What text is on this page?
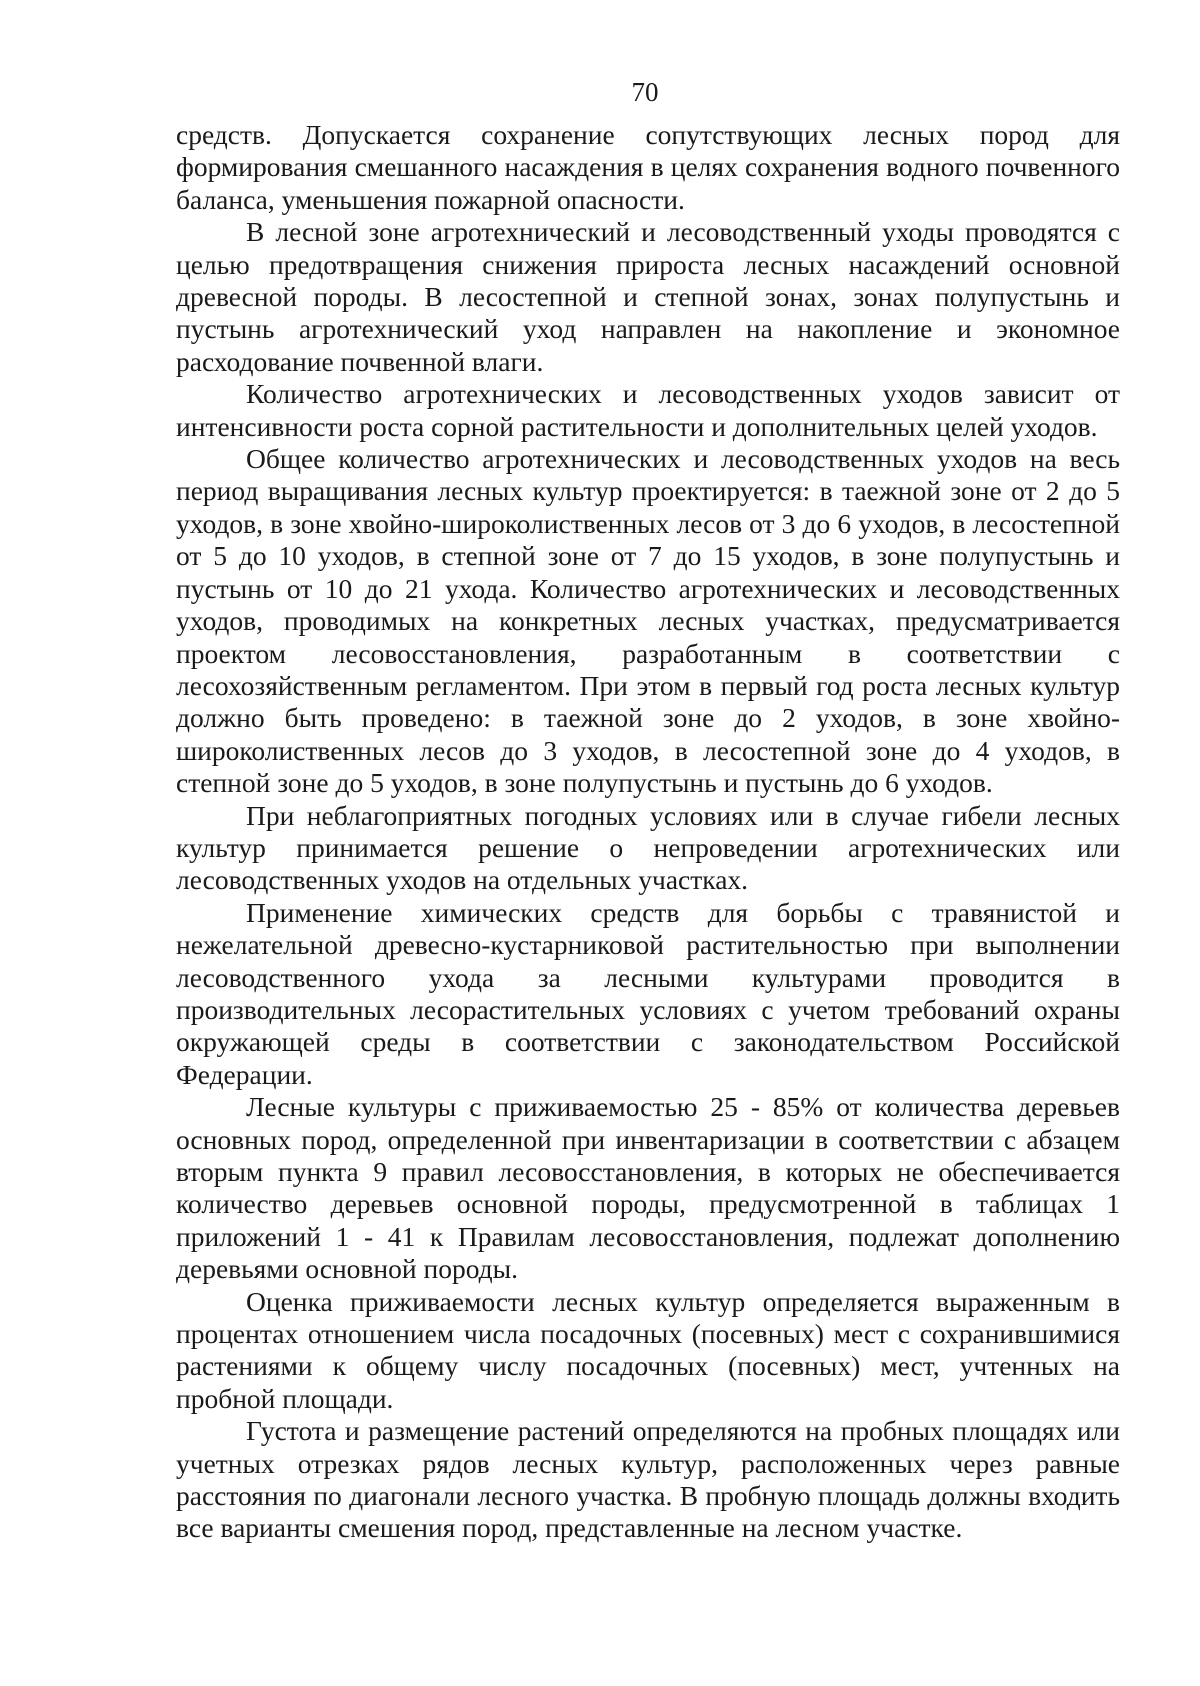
70

средств. Допускается сохранение сопутствующих лесных пород для формирования смешанного насаждения в целях сохранения водного почвенного баланса, уменьшения пожарной опасности.

В лесной зоне агротехнический и лесоводственный уходы проводятся с целью предотвращения снижения прироста лесных насаждений основной древесной породы. В лесостепной и степной зонах, зонах полупустынь и пустынь агротехнический уход направлен на накопление и экономное расходование почвенной влаги.

Количество агротехнических и лесоводственных уходов зависит от интенсивности роста сорной растительности и дополнительных целей уходов.

Общее количество агротехнических и лесоводственных уходов на весь период выращивания лесных культур проектируется: в таежной зоне от 2 до 5 уходов, в зоне хвойно-широколиственных лесов от 3 до 6 уходов, в лесостепной от 5 до 10 уходов, в степной зоне от 7 до 15 уходов, в зоне полупустынь и пустынь от 10 до 21 ухода. Количество агротехнических и лесоводственных уходов, проводимых на конкретных лесных участках, предусматривается проектом лесовосстановления, разработанным в соответствии с лесохозяйственным регламентом. При этом в первый год роста лесных культур должно быть проведено: в таежной зоне до 2 уходов, в зоне хвойно-широколиственных лесов до 3 уходов, в лесостепной зоне до 4 уходов, в степной зоне до 5 уходов, в зоне полупустынь и пустынь до 6 уходов.

При неблагоприятных погодных условиях или в случае гибели лесных культур принимается решение о непроведении агротехнических или лесоводственных уходов на отдельных участках.

Применение химических средств для борьбы с травянистой и нежелательной древесно-кустарниковой растительностью при выполнении лесоводственного ухода за лесными культурами проводится в производительных лесорастительных условиях с учетом требований охраны окружающей среды в соответствии с законодательством Российской Федерации.

Лесные культуры с приживаемостью 25 - 85% от количества деревьев основных пород, определенной при инвентаризации в соответствии с абзацем вторым пункта 9 правил лесовосстановления, в которых не обеспечивается количество деревьев основной породы, предусмотренной в таблицах 1 приложений 1 - 41 к Правилам лесовосстановления, подлежат дополнению деревьями основной породы.

Оценка приживаемости лесных культур определяется выраженным в процентах отношением числа посадочных (посевных) мест с сохранившимися растениями к общему числу посадочных (посевных) мест, учтенных на пробной площади.

Густота и размещение растений определяются на пробных площадях или учетных отрезках рядов лесных культур, расположенных через равные расстояния по диагонали лесного участка. В пробную площадь должны входить все варианты смешения пород, представленные на лесном участке.
